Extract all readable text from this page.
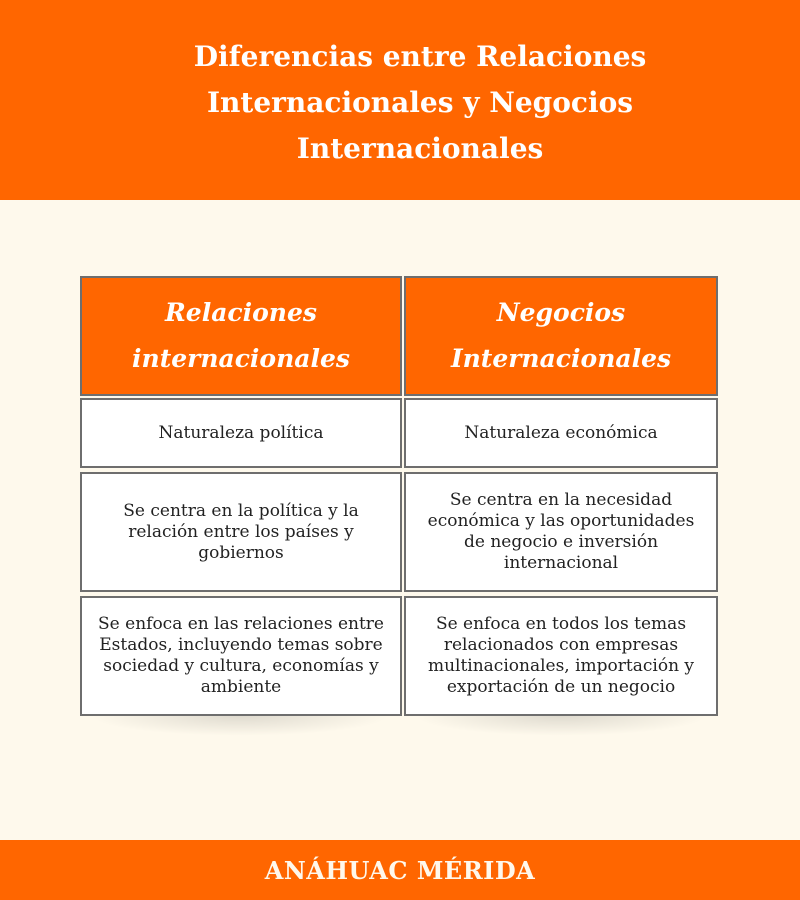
Diferencias entre Relaciones Internacionales y Negocios Internacionales
Relaciones internacionales
Negocios Internacionales
Naturaleza política	Naturaleza económica
Se centra en la política y la relación entre los países y gobiernos
Se centra en la necesidad económica y las oportunidades de negocio e inversión internacional
Se enfoca en las relaciones entre Estados, incluyendo temas sobre sociedad y cultura, economías y ambiente
Se enfoca en todos los temas relacionados con empresas multinacionales, importación y exportación de un negocio
ANÁHUAC MÉRIDA
